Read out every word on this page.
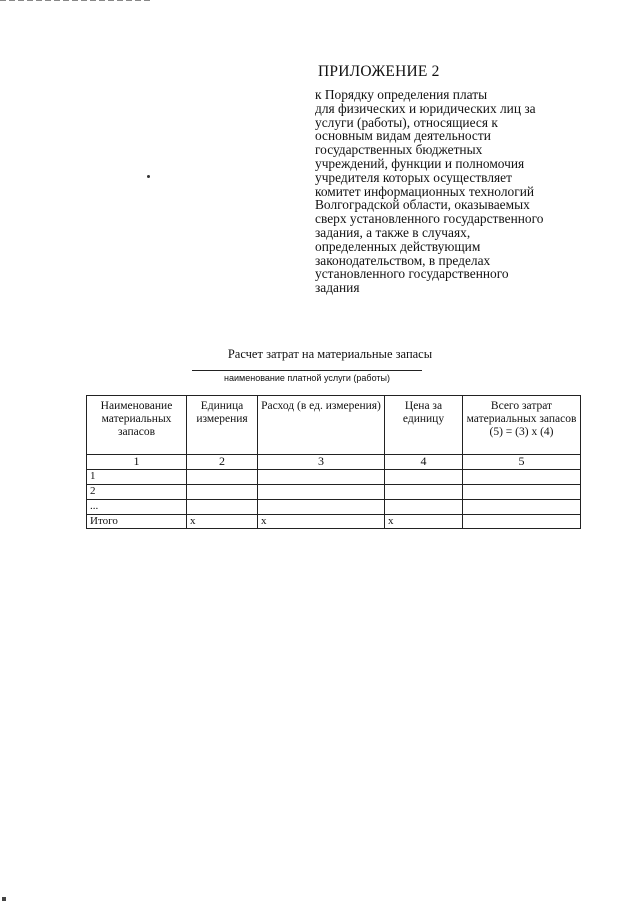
ПРИЛОЖЕНИЕ 2
к Порядку определения платы
для физических и юридических лиц за
услуги (работы), относящиеся к
основным видам деятельности
государственных бюджетных
учреждений, функции и полномочия
учредителя которых осуществляет
комитет информационных технологий
Волгоградской области, оказываемых
сверх установленного государственного
задания, а также в случаях,
определенных действующим
законодательством, в пределах
установленного государственного
задания
Расчет затрат на материальные запасы
наименование платной услуги (работы)
Наименование материальных запасов	Единица измерения	Расход (в ед. измерения)	Цена за единицу	Всего затрат материальных запасов (5) = (3) х (4)
1	2	3	4	5
1				
2				
...				
Итого	х	х	х	
